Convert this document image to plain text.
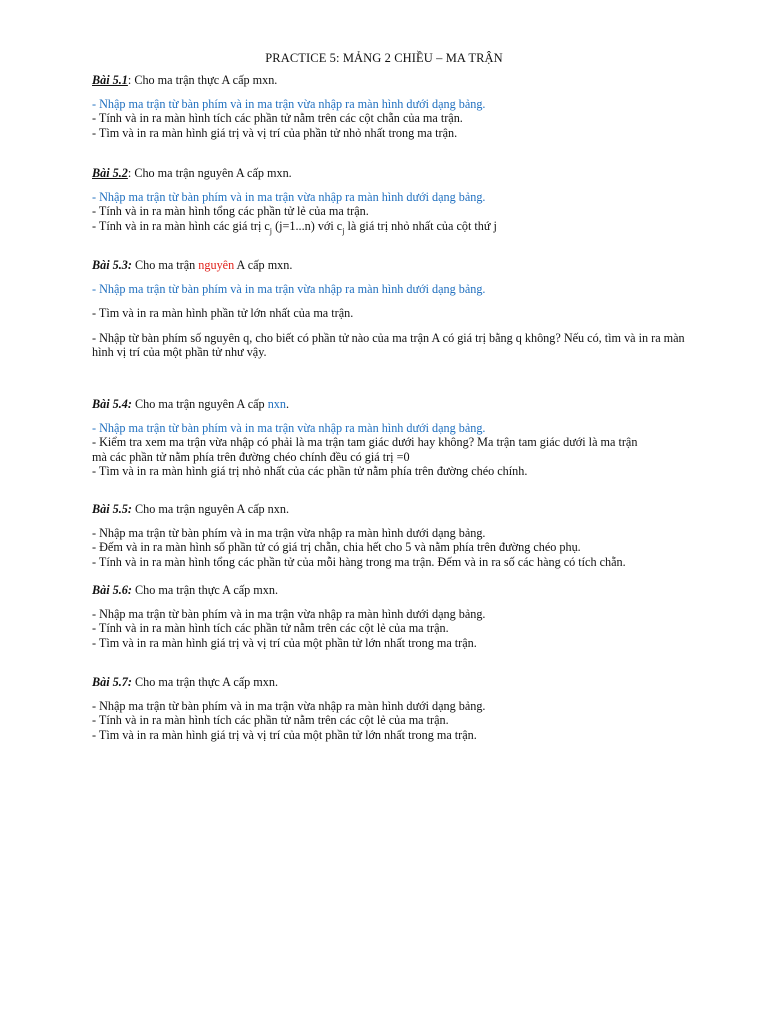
PRACTICE 5: MẢNG 2 CHIỀU – MA TRẬN

Bài 5.1: Cho ma trận thực A cấp mxn.

- Nhập ma trận từ bàn phím và in ma trận vừa nhập ra màn hình dưới dạng bảng.

- Tính và in ra màn hình tích các phần tử nằm trên các cột chẵn của ma trận.

- Tìm và in ra màn hình giá trị và vị trí của phần tử nhỏ nhất trong ma trận.

Bài 5.2: Cho ma trận nguyên A cấp mxn.

- Nhập ma trận từ bàn phím và in ma trận vừa nhập ra màn hình dưới dạng bảng.

- Tính và in ra màn hình tổng các phần tử lẻ của ma trận.

- Tính và in ra màn hình các giá trị $c_j$ (j=1...n) với $c_j$ là giá trị nhỏ nhất của cột thứ j

Bài 5.3: Cho ma trận nguyên A cấp mxn.

- Nhập ma trận từ bàn phím và in ma trận vừa nhập ra màn hình dưới dạng bảng.

- Tìm và in ra màn hình phần tử lớn nhất của ma trận.

- Nhập từ bàn phím số nguyên q, cho biết có phần tử nào của ma trận A có giá trị bằng q không? Nếu có, tìm và in ra màn hình vị trí của một phần tử như vậy.

Bài 5.4: Cho ma trận nguyên A cấp nxn.

- Nhập ma trận từ bàn phím và in ma trận vừa nhập ra màn hình dưới dạng bảng.

- Kiểm tra xem ma trận vừa nhập có phải là ma trận tam giác dưới hay không? Ma trận tam giác dưới là ma trận

mà các phần tử nằm phía trên đường chéo chính đều có giá trị =0

- Tìm và in ra màn hình giá trị nhỏ nhất của các phần tử nằm phía trên đường chéo chính.

Bài 5.5: Cho ma trận nguyên A cấp nxn.

- Nhập ma trận từ bàn phím và in ma trận vừa nhập ra màn hình dưới dạng bảng.

- Đếm và in ra màn hình số phần tử có giá trị chẵn, chia hết cho 5 và nằm phía trên đường chéo phụ.

- Tính và in ra màn hình tổng các phần tử của mỗi hàng trong ma trận. Đếm và in ra số các hàng có tích chẵn.

Bài 5.6: Cho ma trận thực A cấp mxn.

- Nhập ma trận từ bàn phím và in ma trận vừa nhập ra màn hình dưới dạng bảng.

- Tính và in ra màn hình tích các phần tử nằm trên các cột lẻ của ma trận.

- Tìm và in ra màn hình giá trị và vị trí của một phần tử lớn nhất trong ma trận.

Bài 5.7: Cho ma trận thực A cấp mxn.

- Nhập ma trận từ bàn phím và in ma trận vừa nhập ra màn hình dưới dạng bảng.

- Tính và in ra màn hình tích các phần tử nằm trên các cột lẻ của ma trận.

- Tìm và in ra màn hình giá trị và vị trí của một phần tử lớn nhất trong ma trận.
